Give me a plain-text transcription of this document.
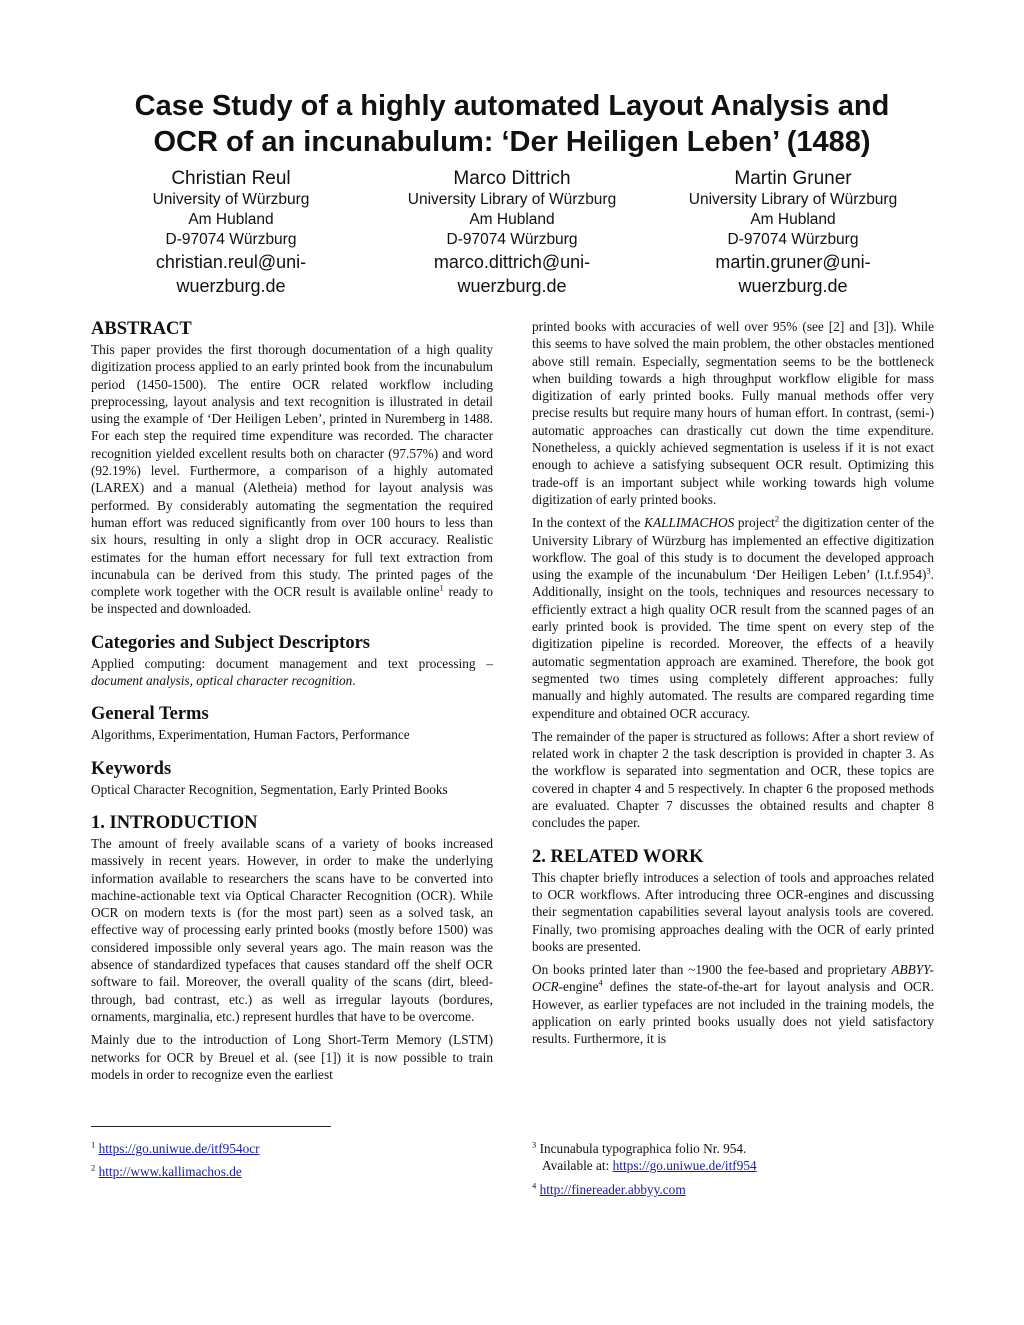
Case Study of a highly automated Layout Analysis and
OCR of an incunabulum: ‘Der Heiligen Leben’ (1488)
Christian Reul
University of Würzburg
Am Hubland
D-97074 Würzburg
christian.reul@uni-
wuerzburg.de
Marco Dittrich
University Library of Würzburg
Am Hubland
D-97074 Würzburg
marco.dittrich@uni-
wuerzburg.de
Martin Gruner
University Library of Würzburg
Am Hubland
D-97074 Würzburg
martin.gruner@uni-
wuerzburg.de
ABSTRACT

This paper provides the first thorough documentation of a high quality digitization process applied to an early printed book from the incunabulum period (1450-1500). The entire OCR related workflow including preprocessing, layout analysis and text recognition is illustrated in detail using the example of ‘Der Heiligen Leben’, printed in Nuremberg in 1488. For each step the required time expenditure was recorded. The character recognition yielded excellent results both on character (97.57%) and word (92.19%) level. Furthermore, a comparison of a highly automated (LAREX) and a manual (Aletheia) method for layout analysis was performed. By considerably automating the segmentation the required human effort was reduced significantly from over 100 hours to less than six hours, resulting in only a slight drop in OCR accuracy. Realistic estimates for the human effort necessary for full text extraction from incunabula can be derived from this study. The printed pages of the complete work together with the OCR result is available online$^1$ ready to be inspected and downloaded.

Categories and Subject Descriptors

Applied computing: document management and text processing – document analysis, optical character recognition.

General Terms

Algorithms, Experimentation, Human Factors, Performance

Keywords

Optical Character Recognition, Segmentation, Early Printed Books

1. INTRODUCTION

The amount of freely available scans of a variety of books increased massively in recent years. However, in order to make the underlying information available to researchers the scans have to be converted into machine-actionable text via Optical Character Recognition (OCR). While OCR on modern texts is (for the most part) seen as a solved task, an effective way of processing early printed books (mostly before 1500) was considered impossible only several years ago. The main reason was the absence of standardized typefaces that causes standard off the shelf OCR software to fail. Moreover, the overall quality of the scans (dirt, bleed-through, bad contrast, etc.) as well as irregular layouts (bordures, ornaments, marginalia, etc.) represent hurdles that have to be overcome.

Mainly due to the introduction of Long Short-Term Memory (LSTM) networks for OCR by Breuel et al. (see [1]) it is now possible to train models in order to recognize even the earliest

printed books with accuracies of well over 95% (see [2] and [3]). While this seems to have solved the main problem, the other obstacles mentioned above still remain. Especially, segmentation seems to be the bottleneck when building towards a high throughput workflow eligible for mass digitization of early printed books. Fully manual methods offer very precise results but require many hours of human effort. In contrast, (semi-) automatic approaches can drastically cut down the time expenditure. Nonetheless, a quickly achieved segmentation is useless if it is not exact enough to achieve a satisfying subsequent OCR result. Optimizing this trade-off is an important subject while working towards high volume digitization of early printed books.

In the context of the KALLIMACHOS project$^2$ the digitization center of the University Library of Würzburg has implemented an effective digitization workflow. The goal of this study is to document the developed approach using the example of the incunabulum ‘Der Heiligen Leben’ $(I.t.f.954)^3$. Additionally, insight on the tools, techniques and resources necessary to efficiently extract a high quality OCR result from the scanned pages of an early printed book is provided. The time spent on every step of the digitization pipeline is recorded. Moreover, the effects of a heavily automatic segmentation approach are examined. Therefore, the book got segmented two times using completely different approaches: fully manually and highly automated. The results are compared regarding time expenditure and obtained OCR accuracy.

The remainder of the paper is structured as follows: After a short review of related work in chapter 2 the task description is provided in chapter 3. As the workflow is separated into segmentation and OCR, these topics are covered in chapter 4 and 5 respectively. In chapter 6 the proposed methods are evaluated. Chapter 7 discusses the obtained results and chapter 8 concludes the paper.

2. RELATED WORK

This chapter briefly introduces a selection of tools and approaches related to OCR workflows. After introducing three OCR-engines and discussing their segmentation capabilities several layout analysis tools are covered. Finally, two promising approaches dealing with the OCR of early printed books are presented.

On books printed later than ~1900 the fee-based and proprietary ABBYY-OCR-engine$^4$ defines the state-of-the-art for layout analysis and OCR. However, as earlier typefaces are not included in the training models, the application on early printed books usually does not yield satisfactory results. Furthermore, it is

$^1$ https://go.uniwue.de/itf954ocr
$^2$ http://www.kallimachos.de
$^3$ Incunabula typographica folio Nr. 954.
Available at: https://go.uniwue.de/itf954
$^4$ http://finereader.abbyy.com
